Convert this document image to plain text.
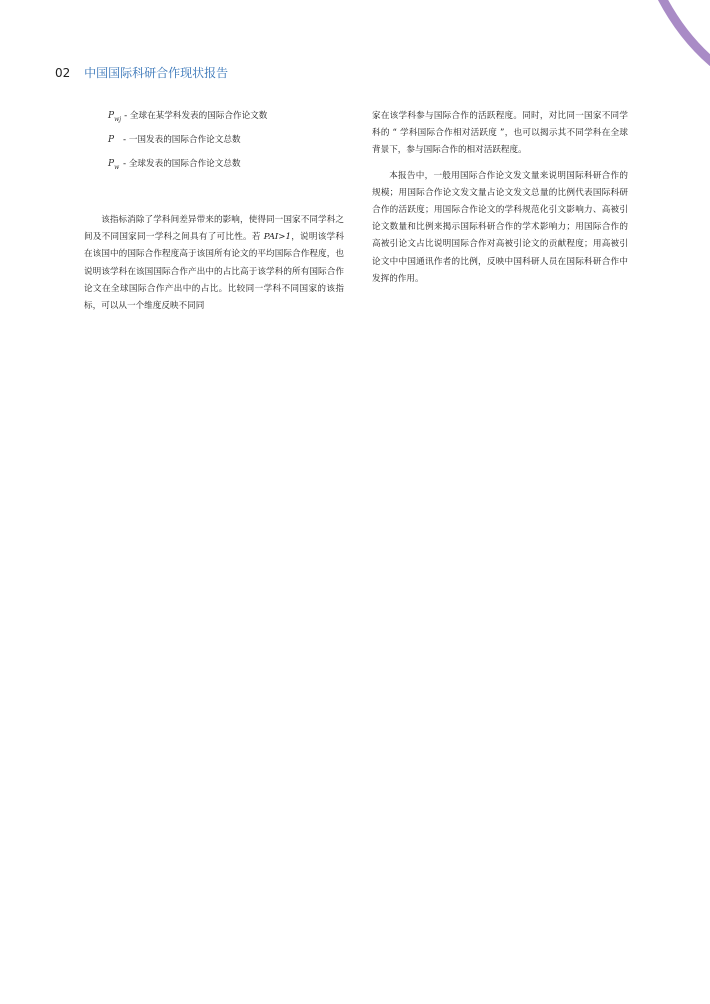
02 中国国际科研合作现状报告
$P_{wj}$ - 全球在某学科发表的国际合作论文数
P	- 一国发表的国际合作论文总数
$P_w$ - 全球发表的国际合作论文总数

该指标消除了学科间差异带来的影响，使得同一国家不同学科之间及不同国家同一学科之间具有了可比性。若 PAI>1，说明该学科在该国中的国际合作程度高于该国所有论文的平均国际合作程度，也说明该学科在该国国际合作产出中的占比高于该学科的所有国际合作论文在全球国际合作产出中的占比。比较同一学科不同国家的该指标，可以从一个维度反映不同同

家在该学科参与国际合作的活跃程度。同时，对比同一国家不同学科的 “ 学科国际合作相对活跃度 ”，也可以揭示其不同学科在全球背景下，参与国际合作的相对活跃程度。

本报告中，一般用国际合作论文发文量来说明国际科研合作的规模；用国际合作论文发文量占论文发文总量的比例代表国际科研合作的活跃度；用国际合作论文的学科规范化引文影响力、高被引论文数量和比例来揭示国际科研合作的学术影响力；用国际合作的高被引论文占比说明国际合作对高被引论文的贡献程度；用高被引论文中中国通讯作者的比例，反映中国科研人员在国际科研合作中发挥的作用。
